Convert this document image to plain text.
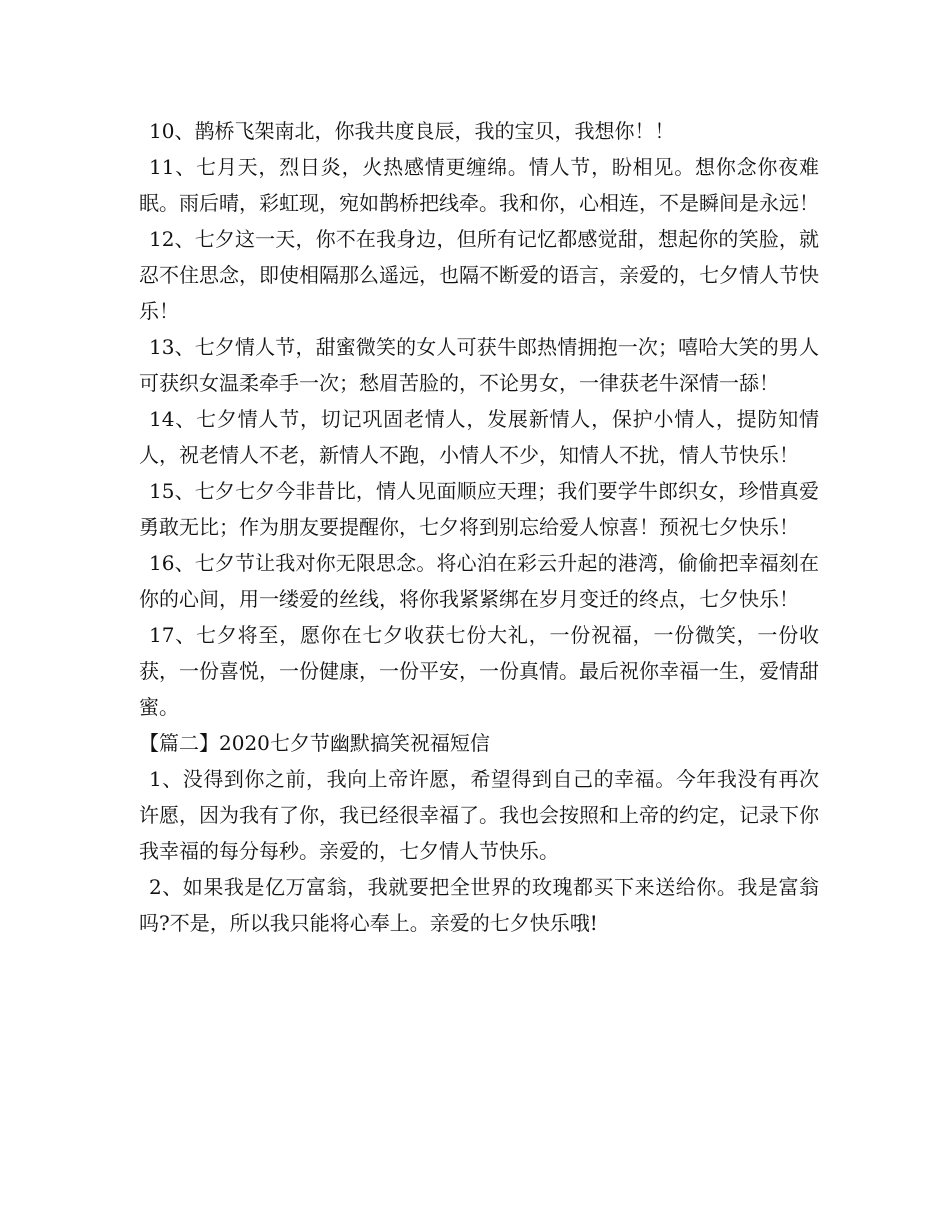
10、鹊桥飞架南北，你我共度良辰，我的宝贝，我想你！！

11、七月天，烈日炎，火热感情更缠绵。情人节，盼相见。想你念你夜难眠。雨后晴，彩虹现，宛如鹊桥把线牵。我和你，心相连，不是瞬间是永远！

12、七夕这一天，你不在我身边，但所有记忆都感觉甜，想起你的笑脸，就忍不住思念，即使相隔那么遥远，也隔不断爱的语言，亲爱的，七夕情人节快乐！

13、七夕情人节，甜蜜微笑的女人可获牛郎热情拥抱一次；嘻哈大笑的男人可获织女温柔牵手一次；愁眉苦脸的，不论男女，一律获老牛深情一舔！

14、七夕情人节，切记巩固老情人，发展新情人，保护小情人，提防知情人，祝老情人不老，新情人不跑，小情人不少，知情人不扰，情人节快乐！

15、七夕七夕今非昔比，情人见面顺应天理；我们要学牛郎织女，珍惜真爱勇敢无比；作为朋友要提醒你，七夕将到别忘给爱人惊喜！预祝七夕快乐！

16、七夕节让我对你无限思念。将心泊在彩云升起的港湾，偷偷把幸福刻在你的心间，用一缕爱的丝线，将你我紧紧绑在岁月变迁的终点，七夕快乐！

17、七夕将至，愿你在七夕收获七份大礼，一份祝福，一份微笑，一份收获，一份喜悦，一份健康，一份平安，一份真情。最后祝你幸福一生，爱情甜蜜。

【篇二】2020七夕节幽默搞笑祝福短信

1、没得到你之前，我向上帝许愿，希望得到自己的幸福。今年我没有再次许愿，因为我有了你，我已经很幸福了。我也会按照和上帝的约定，记录下你我幸福的每分每秒。亲爱的，七夕情人节快乐。

2、如果我是亿万富翁，我就要把全世界的玫瑰都买下来送给你。我是富翁吗?不是，所以我只能将心奉上。亲爱的七夕快乐哦!
